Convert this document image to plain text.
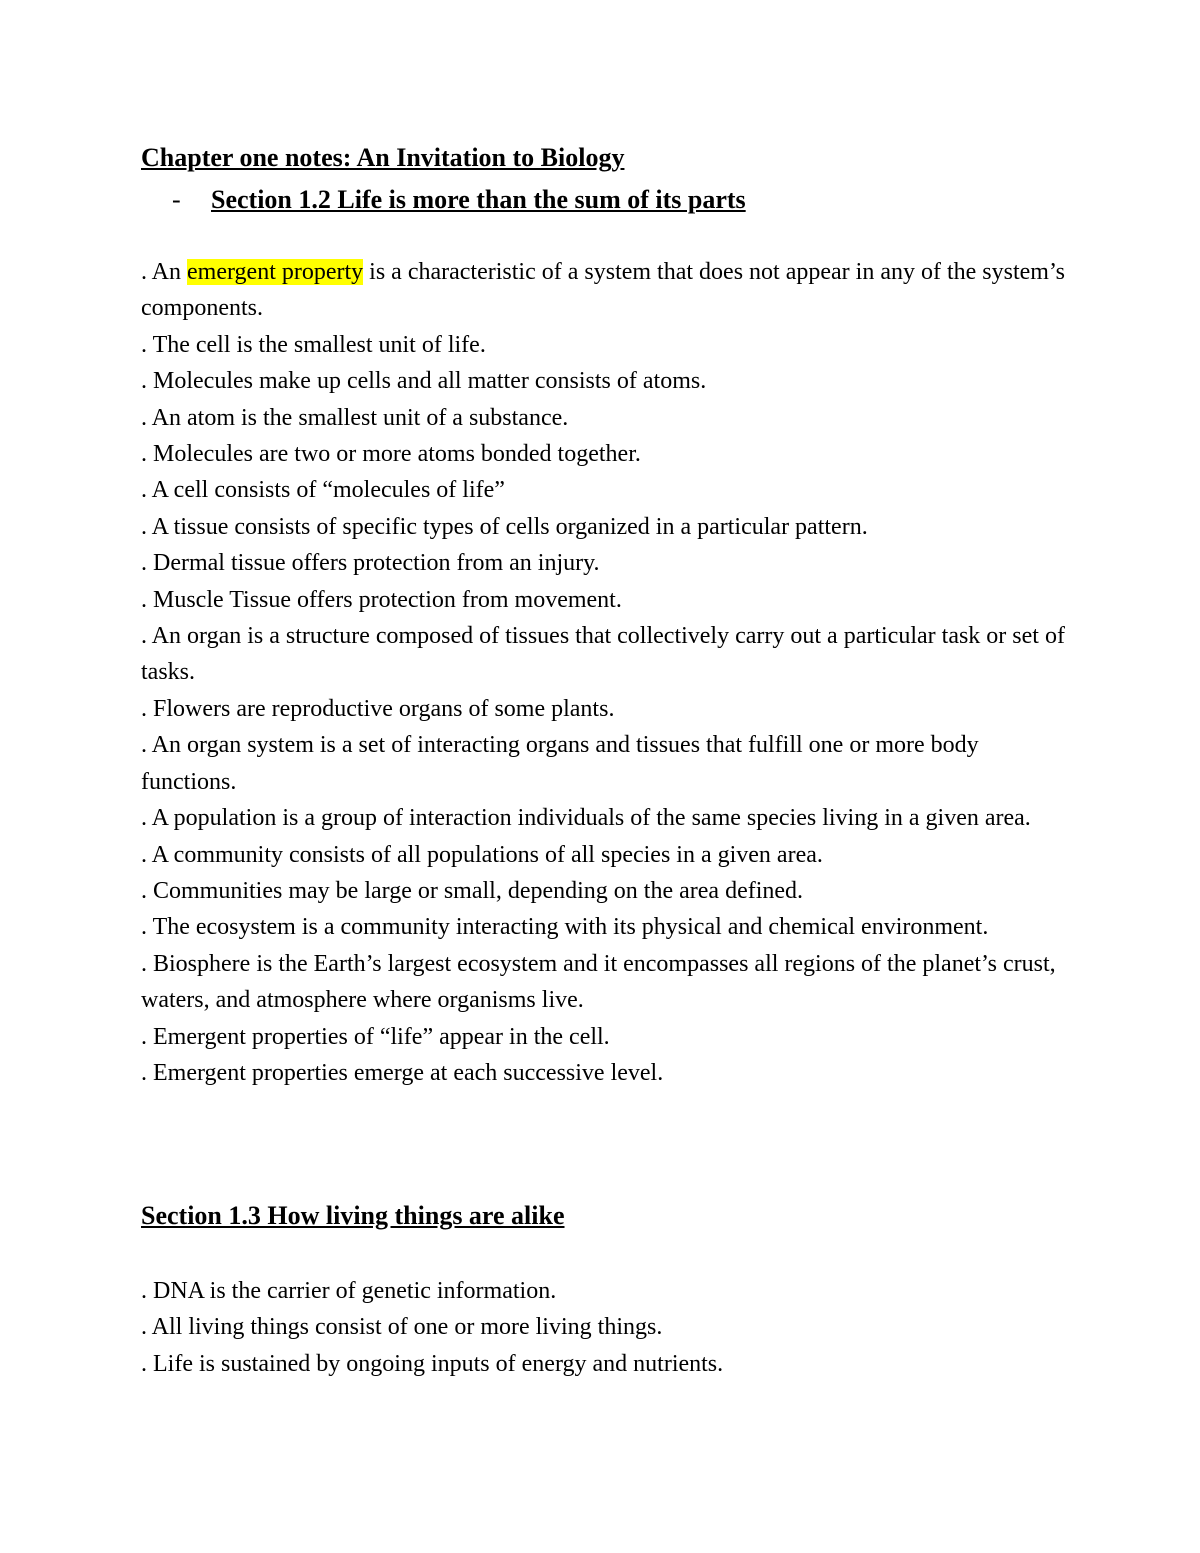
Chapter one notes: An Invitation to Biology
- Section 1.2 Life is more than the sum of its parts

. An emergent property is a characteristic of a system that does not appear in any of the system’s components.

. The cell is the smallest unit of life.

. Molecules make up cells and all matter consists of atoms.

. An atom is the smallest unit of a substance.

. Molecules are two or more atoms bonded together.

. A cell consists of “molecules of life”

. A tissue consists of specific types of cells organized in a particular pattern.

. Dermal tissue offers protection from an injury.

. Muscle Tissue offers protection from movement.

. An organ is a structure composed of tissues that collectively carry out a particular task or set of tasks.

. Flowers are reproductive organs of some plants.

. An organ system is a set of interacting organs and tissues that fulfill one or more body functions.

. A population is a group of interaction individuals of the same species living in a given area.

. A community consists of all populations of all species in a given area.

. Communities may be large or small, depending on the area defined.

. The ecosystem is a community interacting with its physical and chemical environment.

. Biosphere is the Earth’s largest ecosystem and it encompasses all regions of the planet’s crust, waters, and atmosphere where organisms live.

. Emergent properties of “life” appear in the cell.

. Emergent properties emerge at each successive level.

Section 1.3 How living things are alike

. DNA is the carrier of genetic information.

. All living things consist of one or more living things.

. Life is sustained by ongoing inputs of energy and nutrients.
